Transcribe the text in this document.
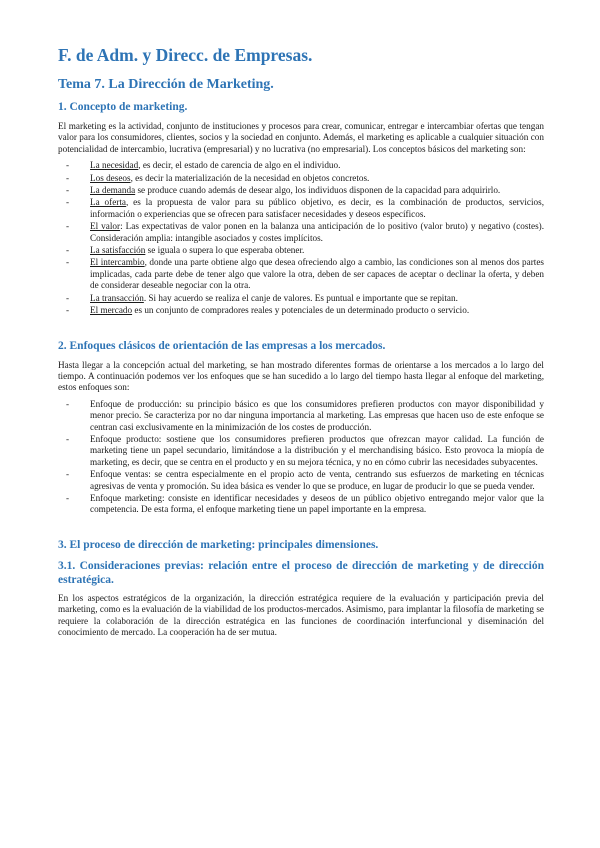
F. de Adm. y Direcc. de Empresas.
Tema 7. La Dirección de Marketing.
1. Concepto de marketing.

El marketing es la actividad, conjunto de instituciones y procesos para crear, comunicar, entregar e intercambiar ofertas que tengan valor para los consumidores, clientes, socios y la sociedad en conjunto. Además, el marketing es aplicable a cualquier situación con potencialidad de intercambio, lucrativa (empresarial) y no lucrativa (no empresarial). Los conceptos básicos del marketing son:

- La necesidad, es decir, el estado de carencia de algo en el individuo.
- Los deseos, es decir la materialización de la necesidad en objetos concretos.
- La demanda se produce cuando además de desear algo, los individuos disponen de la capacidad para adquirirlo.
- La oferta, es la propuesta de valor para su público objetivo, es decir, es la combinación de productos, servicios, información o experiencias que se ofrecen para satisfacer necesidades y deseos específicos.
- El valor: Las expectativas de valor ponen en la balanza una anticipación de lo positivo (valor bruto) y negativo (costes). Consideración amplia: intangible asociados y costes implícitos.
- La satisfacción se iguala o supera lo que esperaba obtener.
- El intercambio, donde una parte obtiene algo que desea ofreciendo algo a cambio, las condiciones son al menos dos partes implicadas, cada parte debe de tener algo que valore la otra, deben de ser capaces de aceptar o declinar la oferta, y deben de considerar deseable negociar con la otra.
- La transacción. Si hay acuerdo se realiza el canje de valores. Es puntual e importante que se repitan.
- El mercado es un conjunto de compradores reales y potenciales de un determinado producto o servicio.
2. Enfoques clásicos de orientación de las empresas a los mercados.

Hasta llegar a la concepción actual del marketing, se han mostrado diferentes formas de orientarse a los mercados a lo largo del tiempo. A continuación podemos ver los enfoques que se han sucedido a lo largo del tiempo hasta llegar al enfoque del marketing, estos enfoques son:

- Enfoque de producción: su principio básico es que los consumidores prefieren productos con mayor disponibilidad y menor precio. Se caracteriza por no dar ninguna importancia al marketing. Las empresas que hacen uso de este enfoque se centran casi exclusivamente en la minimización de los costes de producción.
- Enfoque producto: sostiene que los consumidores prefieren productos que ofrezcan mayor calidad. La función de marketing tiene un papel secundario, limitándose a la distribución y el merchandising básico. Esto provoca la miopía de marketing, es decir, que se centra en el producto y en su mejora técnica, y no en cómo cubrir las necesidades subyacentes.
- Enfoque ventas: se centra especialmente en el propio acto de venta, centrando sus esfuerzos de marketing en técnicas agresivas de venta y promoción. Su idea básica es vender lo que se produce, en lugar de producir lo que se pueda vender.
- Enfoque marketing: consiste en identificar necesidades y deseos de un público objetivo entregando mejor valor que la competencia. De esta forma, el enfoque marketing tiene un papel importante en la empresa.
3. El proceso de dirección de marketing: principales dimensiones.
3.1. Consideraciones previas: relación entre el proceso de dirección de marketing y de dirección estratégica.

En los aspectos estratégicos de la organización, la dirección estratégica requiere de la evaluación y participación previa del marketing, como es la evaluación de la viabilidad de los productos-mercados. Asimismo, para implantar la filosofía de marketing se requiere la colaboración de la dirección estratégica en las funciones de coordinación interfuncional y diseminación del conocimiento de mercado. La cooperación ha de ser mutua.
